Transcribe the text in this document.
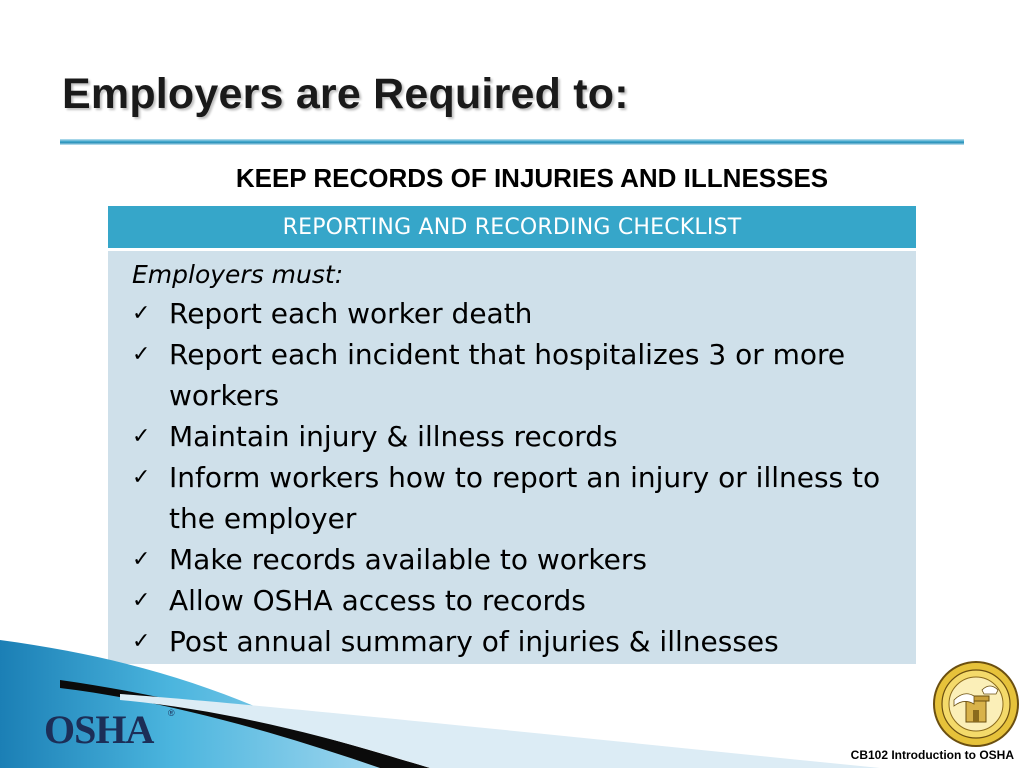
Employers are Required to:
KEEP RECORDS OF INJURIES AND ILLNESSES
REPORTING AND RECORDING CHECKLIST
Employers must:
✓ Report each worker death
✓ Report each incident that hospitalizes 3 or more workers
✓ Maintain injury & illness records
✓ Inform workers how to report an injury or illness to the employer
✓ Make records available to workers
✓ Allow OSHA access to records
✓ Post annual summary of injuries & illnesses
OSHA ®
CB102 Introduction to OSHA
